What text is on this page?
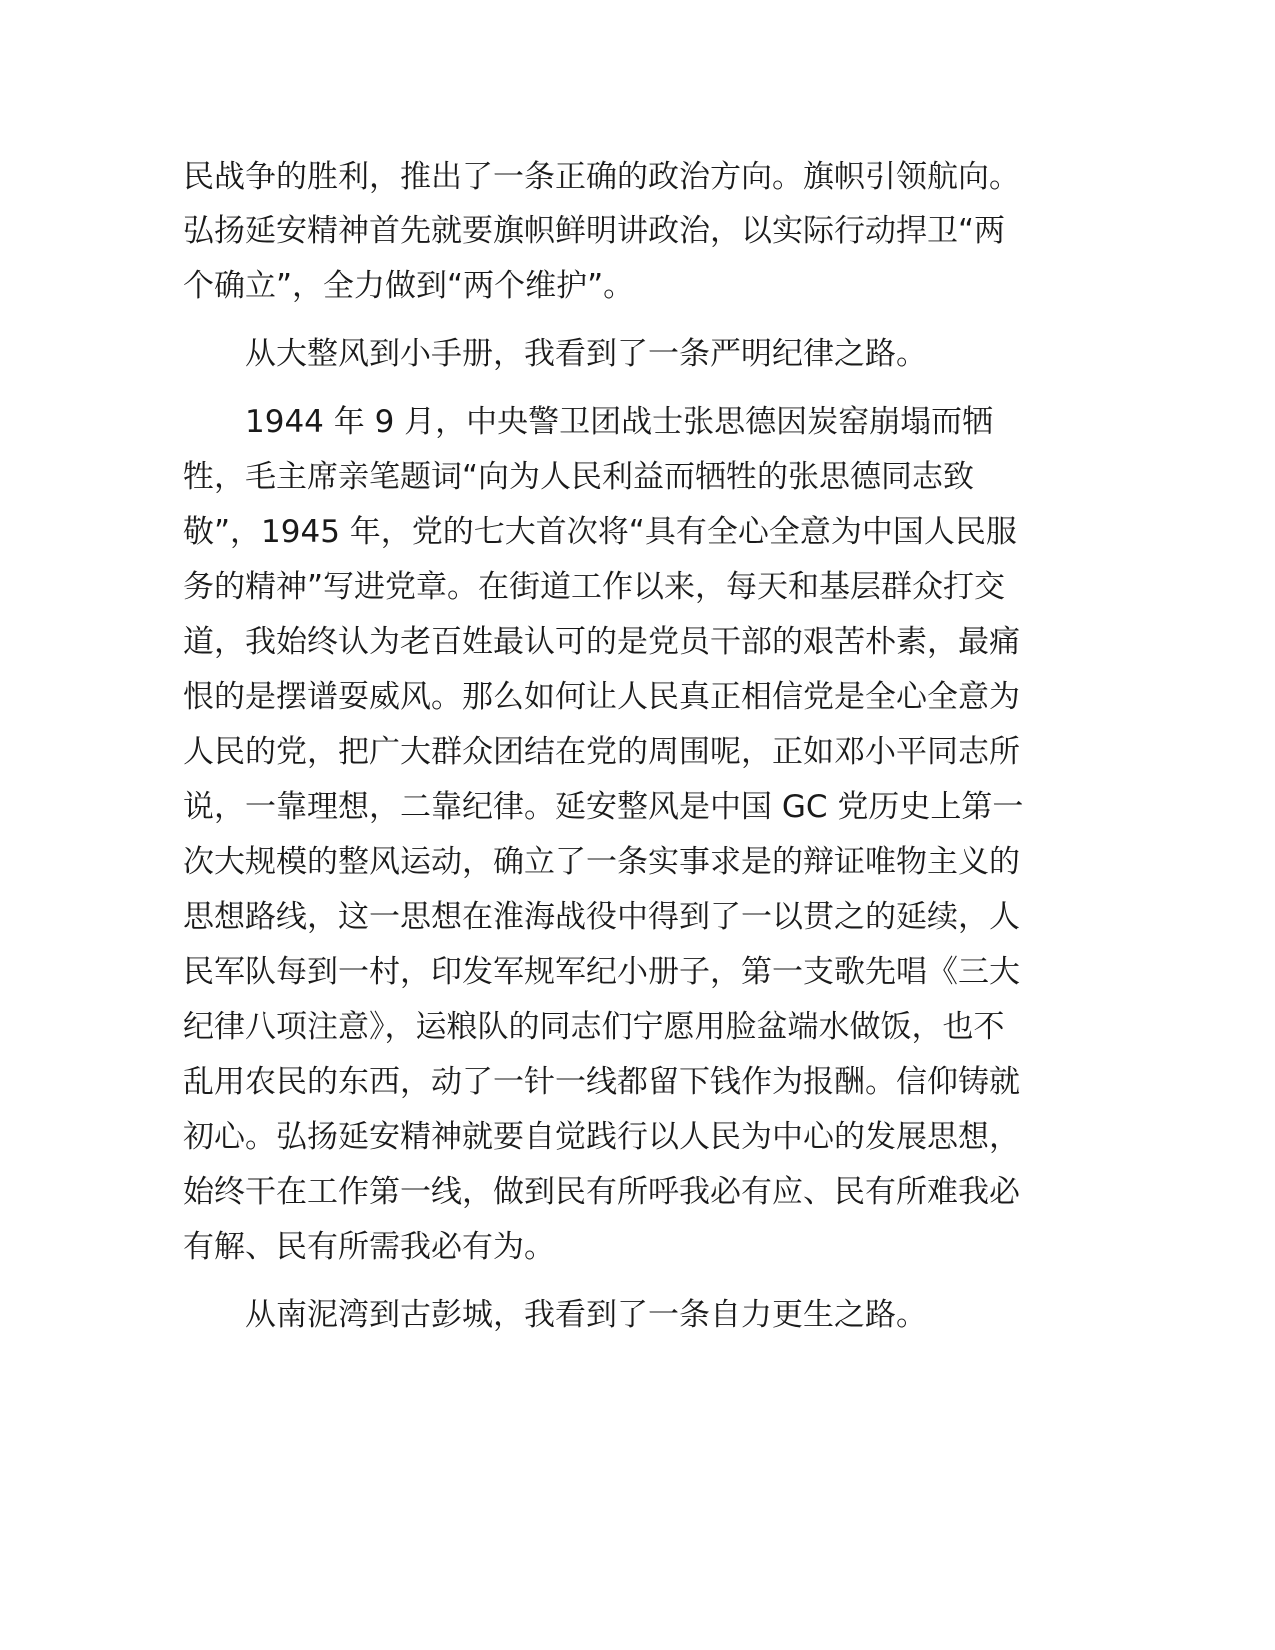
民战争的胜利，推出了一条正确的政治方向。旗帜引领航向。

弘扬延安精神首先就要旗帜鲜明讲政治，以实际行动捍卫“两

个确立”，全力做到“两个维护”。

从大整风到小手册，我看到了一条严明纪律之路。

1944 年 9 月，中央警卫团战士张思德因炭窑崩塌而牺

牲，毛主席亲笔题词“向为人民利益而牺牲的张思德同志致

敬”，1945 年，党的七大首次将“具有全心全意为中国人民服

务的精神”写进党章。在街道工作以来，每天和基层群众打交

道，我始终认为老百姓最认可的是党员干部的艰苦朴素，最痛

恨的是摆谱耍威风。那么如何让人民真正相信党是全心全意为

人民的党，把广大群众团结在党的周围呢，正如邓小平同志所

说，一靠理想，二靠纪律。延安整风是中国 GC 党历史上第一

次大规模的整风运动，确立了一条实事求是的辩证唯物主义的

思想路线，这一思想在淮海战役中得到了一以贯之的延续，人

民军队每到一村，印发军规军纪小册子，第一支歌先唱《三大

纪律八项注意》，运粮队的同志们宁愿用脸盆端水做饭，也不

乱用农民的东西，动了一针一线都留下钱作为报酬。信仰铸就

初心。弘扬延安精神就要自觉践行以人民为中心的发展思想，

始终干在工作第一线，做到民有所呼我必有应、民有所难我必

有解、民有所需我必有为。

从南泥湾到古彭城，我看到了一条自力更生之路。
